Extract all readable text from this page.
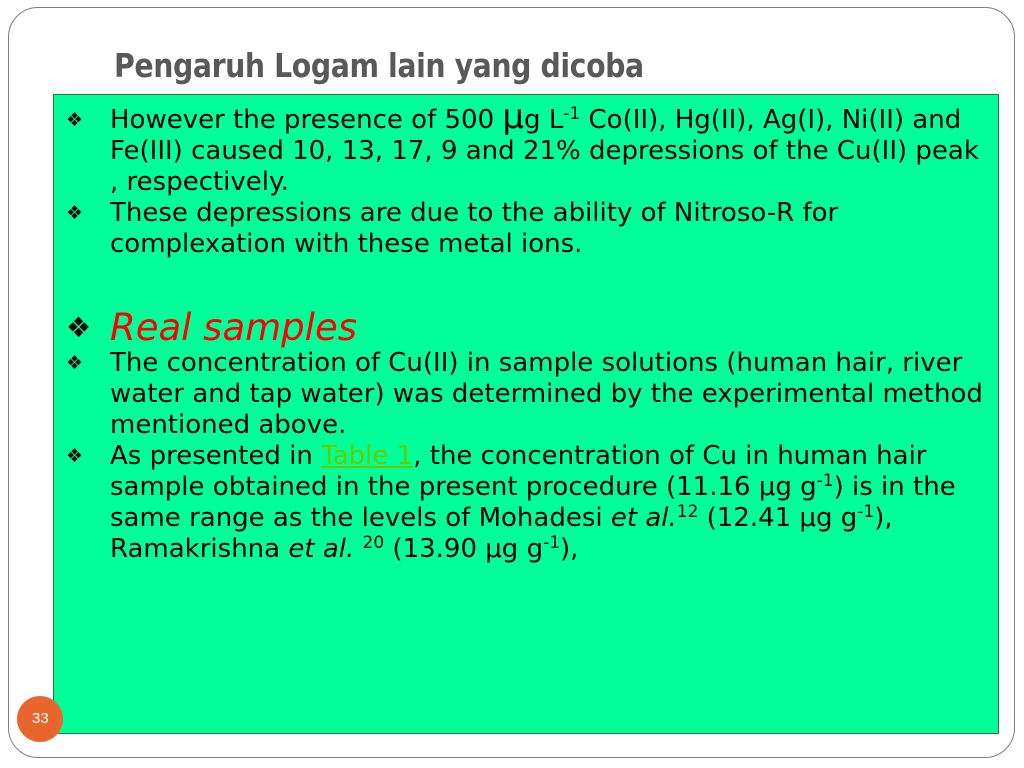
Pengaruh Logam lain yang dicoba
❖ However the presence of 500 μg $L^{-1}$ Co(II), Hg(II), Ag(I), Ni(II) and Fe(III) caused 10, 13, 17, 9 and 21% depressions of the Cu(II) peak , respectively.
❖ These depressions are due to the ability of Nitroso-R for complexation with these metal ions.
❖ Real samples
❖ The concentration of Cu(II) in sample solutions (human hair, river water and tap water) was determined by the experimental method mentioned above.
❖ As presented in Table 1, the concentration of Cu in human hair sample obtained in the present procedure (11.16 μg $g^{-1}$) is in the same range as the levels of Mohadesi et al.$^{12}$ (12.41 μg $g^{-1}$), Ramakrishna et al. $^{20}$ (13.90 μg $g^{-1}$),
33
